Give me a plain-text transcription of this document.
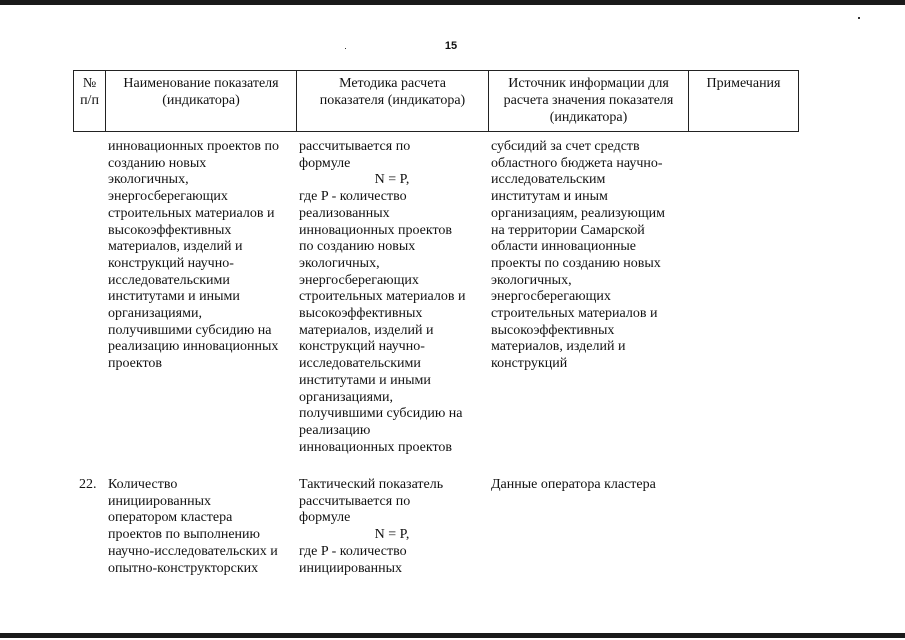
15
№
п/п
Наименование показателя
(индикатора)
Методика расчета
показателя (индикатора)
Источник информации для
расчета значения показателя
(индикатора)
Примечания
инновационных проектов по
созданию новых
экологичных,
энергосберегающих
строительных материалов и
высокоэффективных
материалов, изделий и
конструкций научно-
исследовательскими
институтами и иными
организациями,
получившими субсидию на
реализацию инновационных
проектов
рассчитывается по
формуле
N = P,
где P - количество
реализованных
инновационных проектов
по созданию новых
экологичных,
энергосберегающих
строительных материалов и
высокоэффективных
материалов, изделий и
конструкций научно-
исследовательскими
институтами и иными
организациями,
получившими субсидию на
реализацию
инновационных проектов
субсидий за счет средств
областного бюджета научно-
исследовательским
институтам и иным
организациям, реализующим
на территории Самарской
области инновационные
проекты по созданию новых
экологичных,
энергосберегающих
строительных материалов и
высокоэффективных
материалов, изделий и
конструкций
22. Количество
инициированных
оператором кластера
проектов по выполнению
научно-исследовательских и
опытно-конструкторских
Тактический показатель
рассчитывается по
формуле
N = P,
где P - количество
инициированных
Данные оператора кластера
